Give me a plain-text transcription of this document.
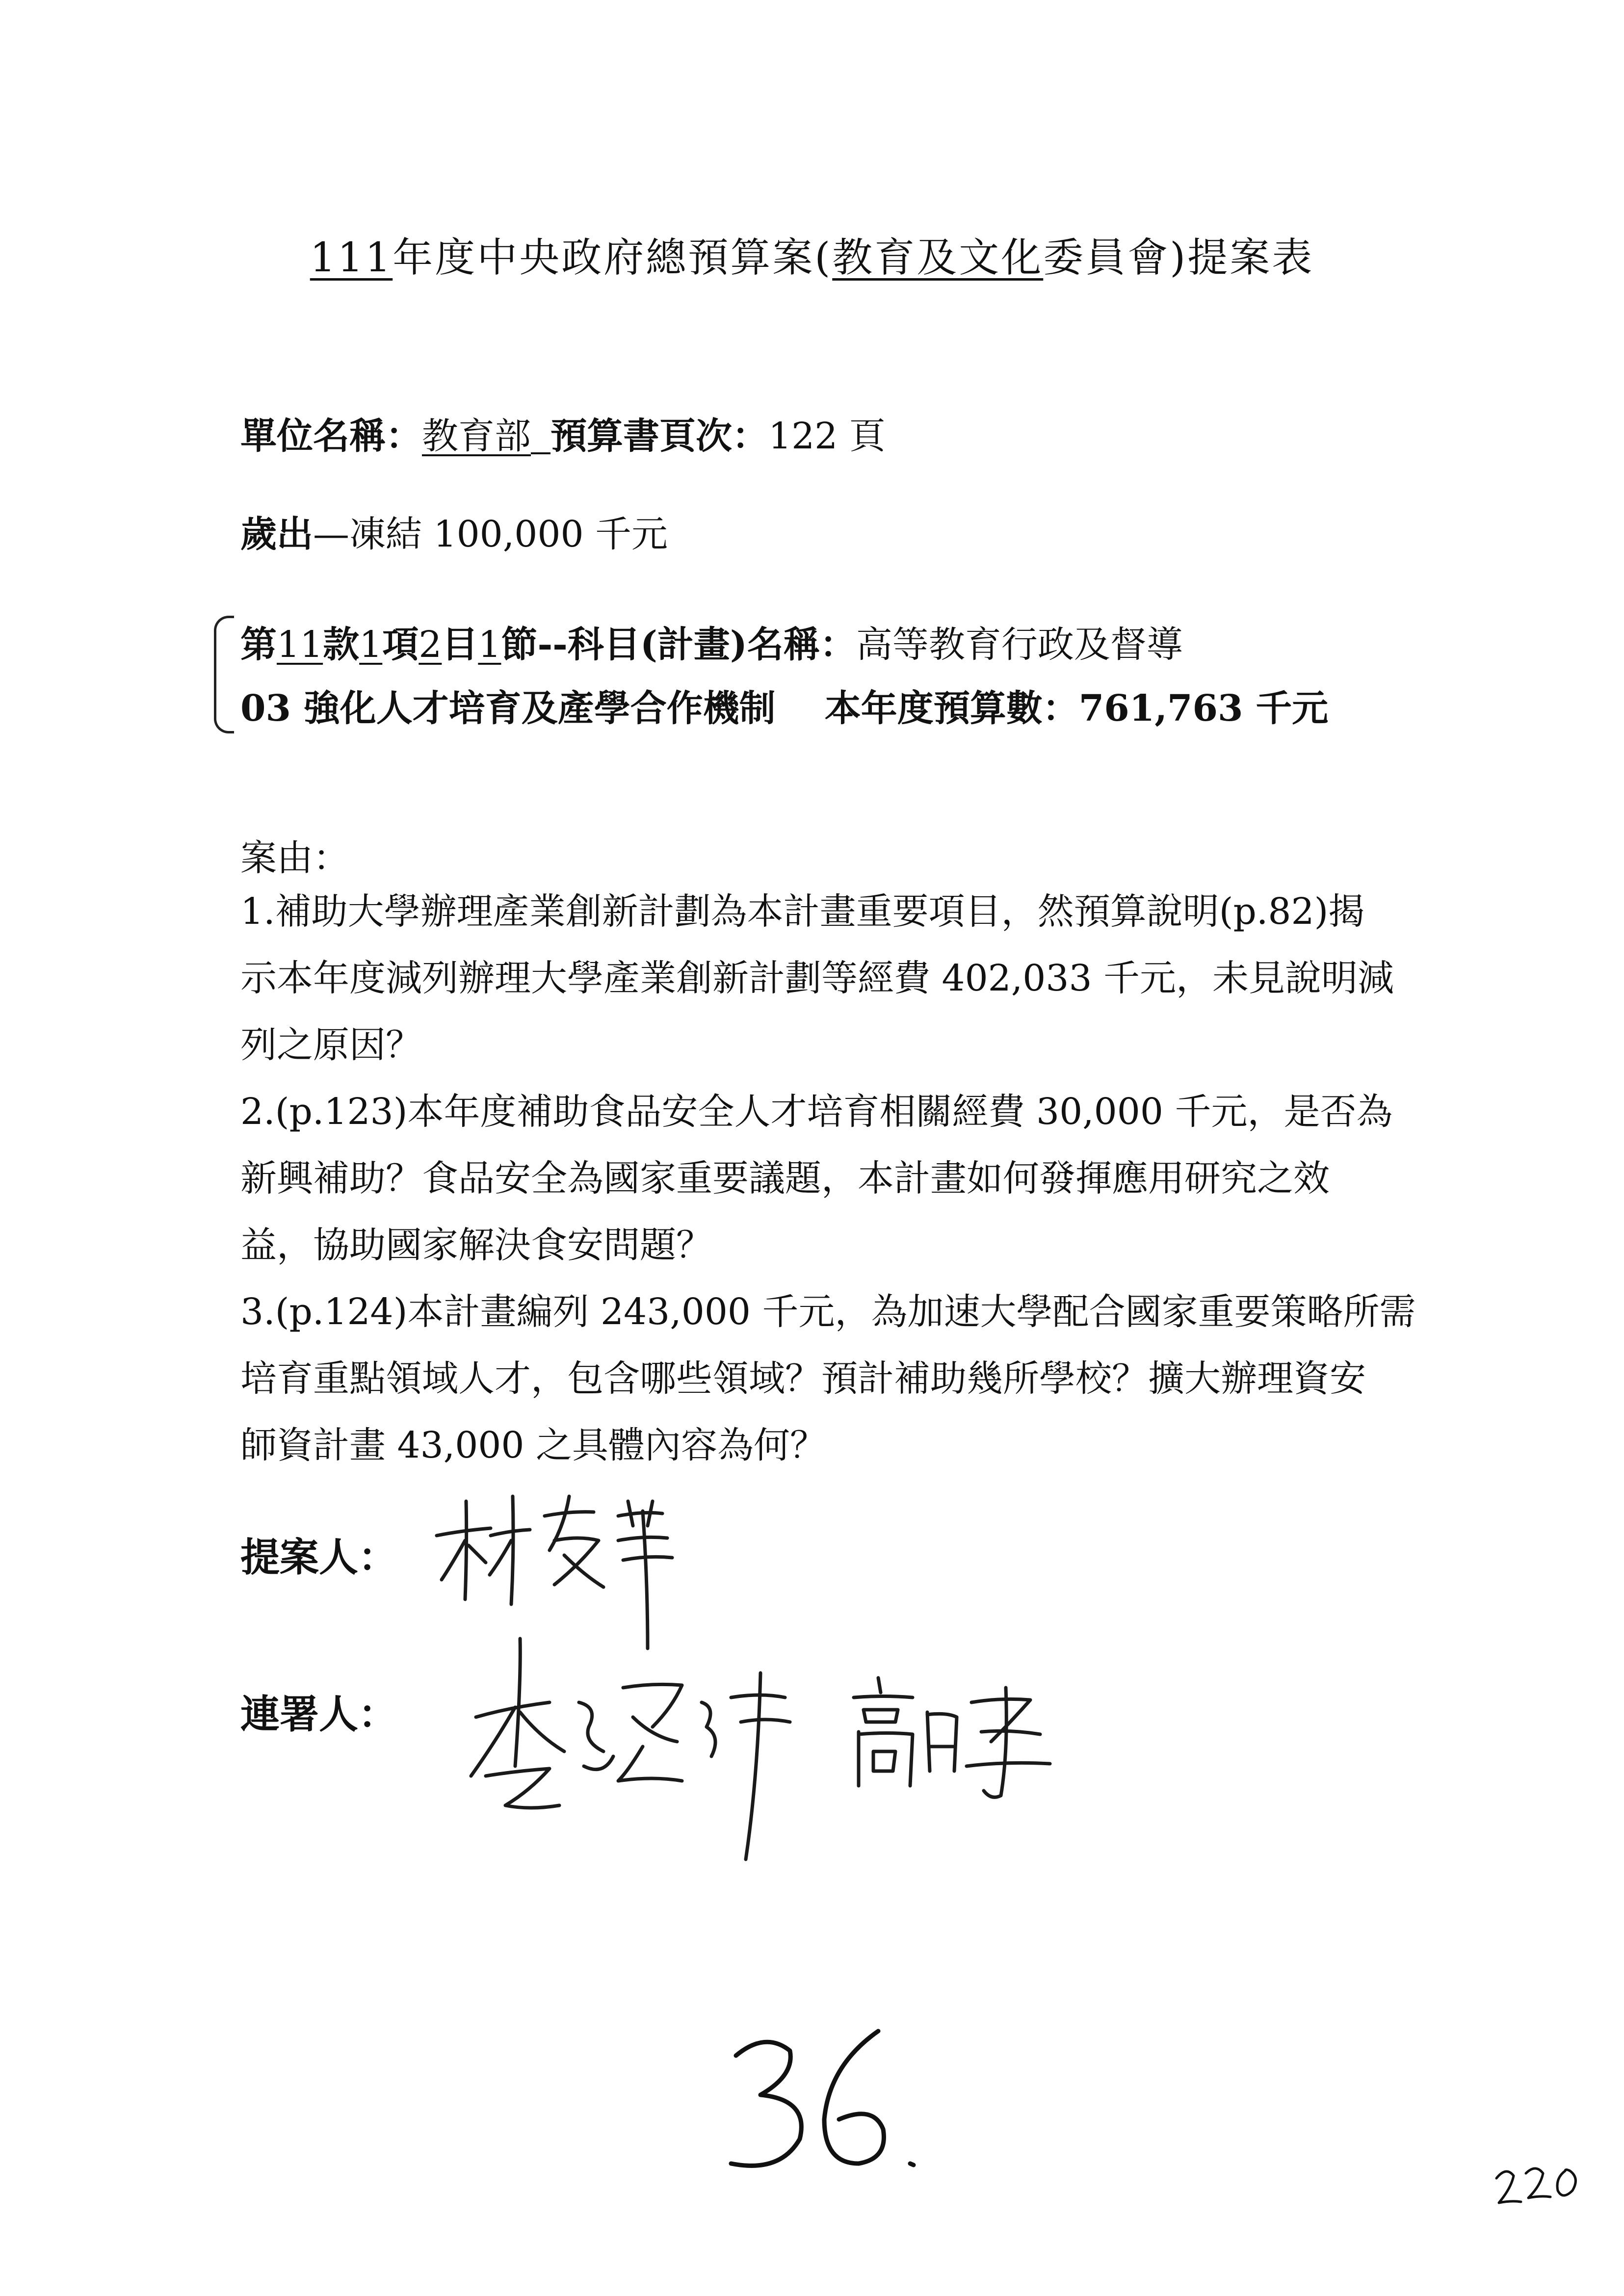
111年度中央政府總預算案(教育及文化委員會)提案表
單位名稱：教育部 預算書頁次：122 頁
歲出—凍結 100,000 千元
第11款1項2目1節--科目(計畫)名稱：高等教育行政及督導
03 強化人才培育及產學合作機制 本年度預算數：761,763 千元
案由：
1.補助大學辦理產業創新計劃為本計畫重要項目，然預算說明(p.82)揭
示本年度減列辦理大學產業創新計劃等經費 402,033 千元，未見說明減
列之原因？
2.(p.123)本年度補助食品安全人才培育相關經費 30,000 千元，是否為
新興補助？食品安全為國家重要議題，本計畫如何發揮應用研究之效
益，協助國家解決食安問題？
3.(p.124)本計畫編列 243,000 千元，為加速大學配合國家重要策略所需
培育重點領域人才，包含哪些領域？預計補助幾所學校？擴大辦理資安
師資計畫 43,000 之具體內容為何？
提案人：
連署人：
